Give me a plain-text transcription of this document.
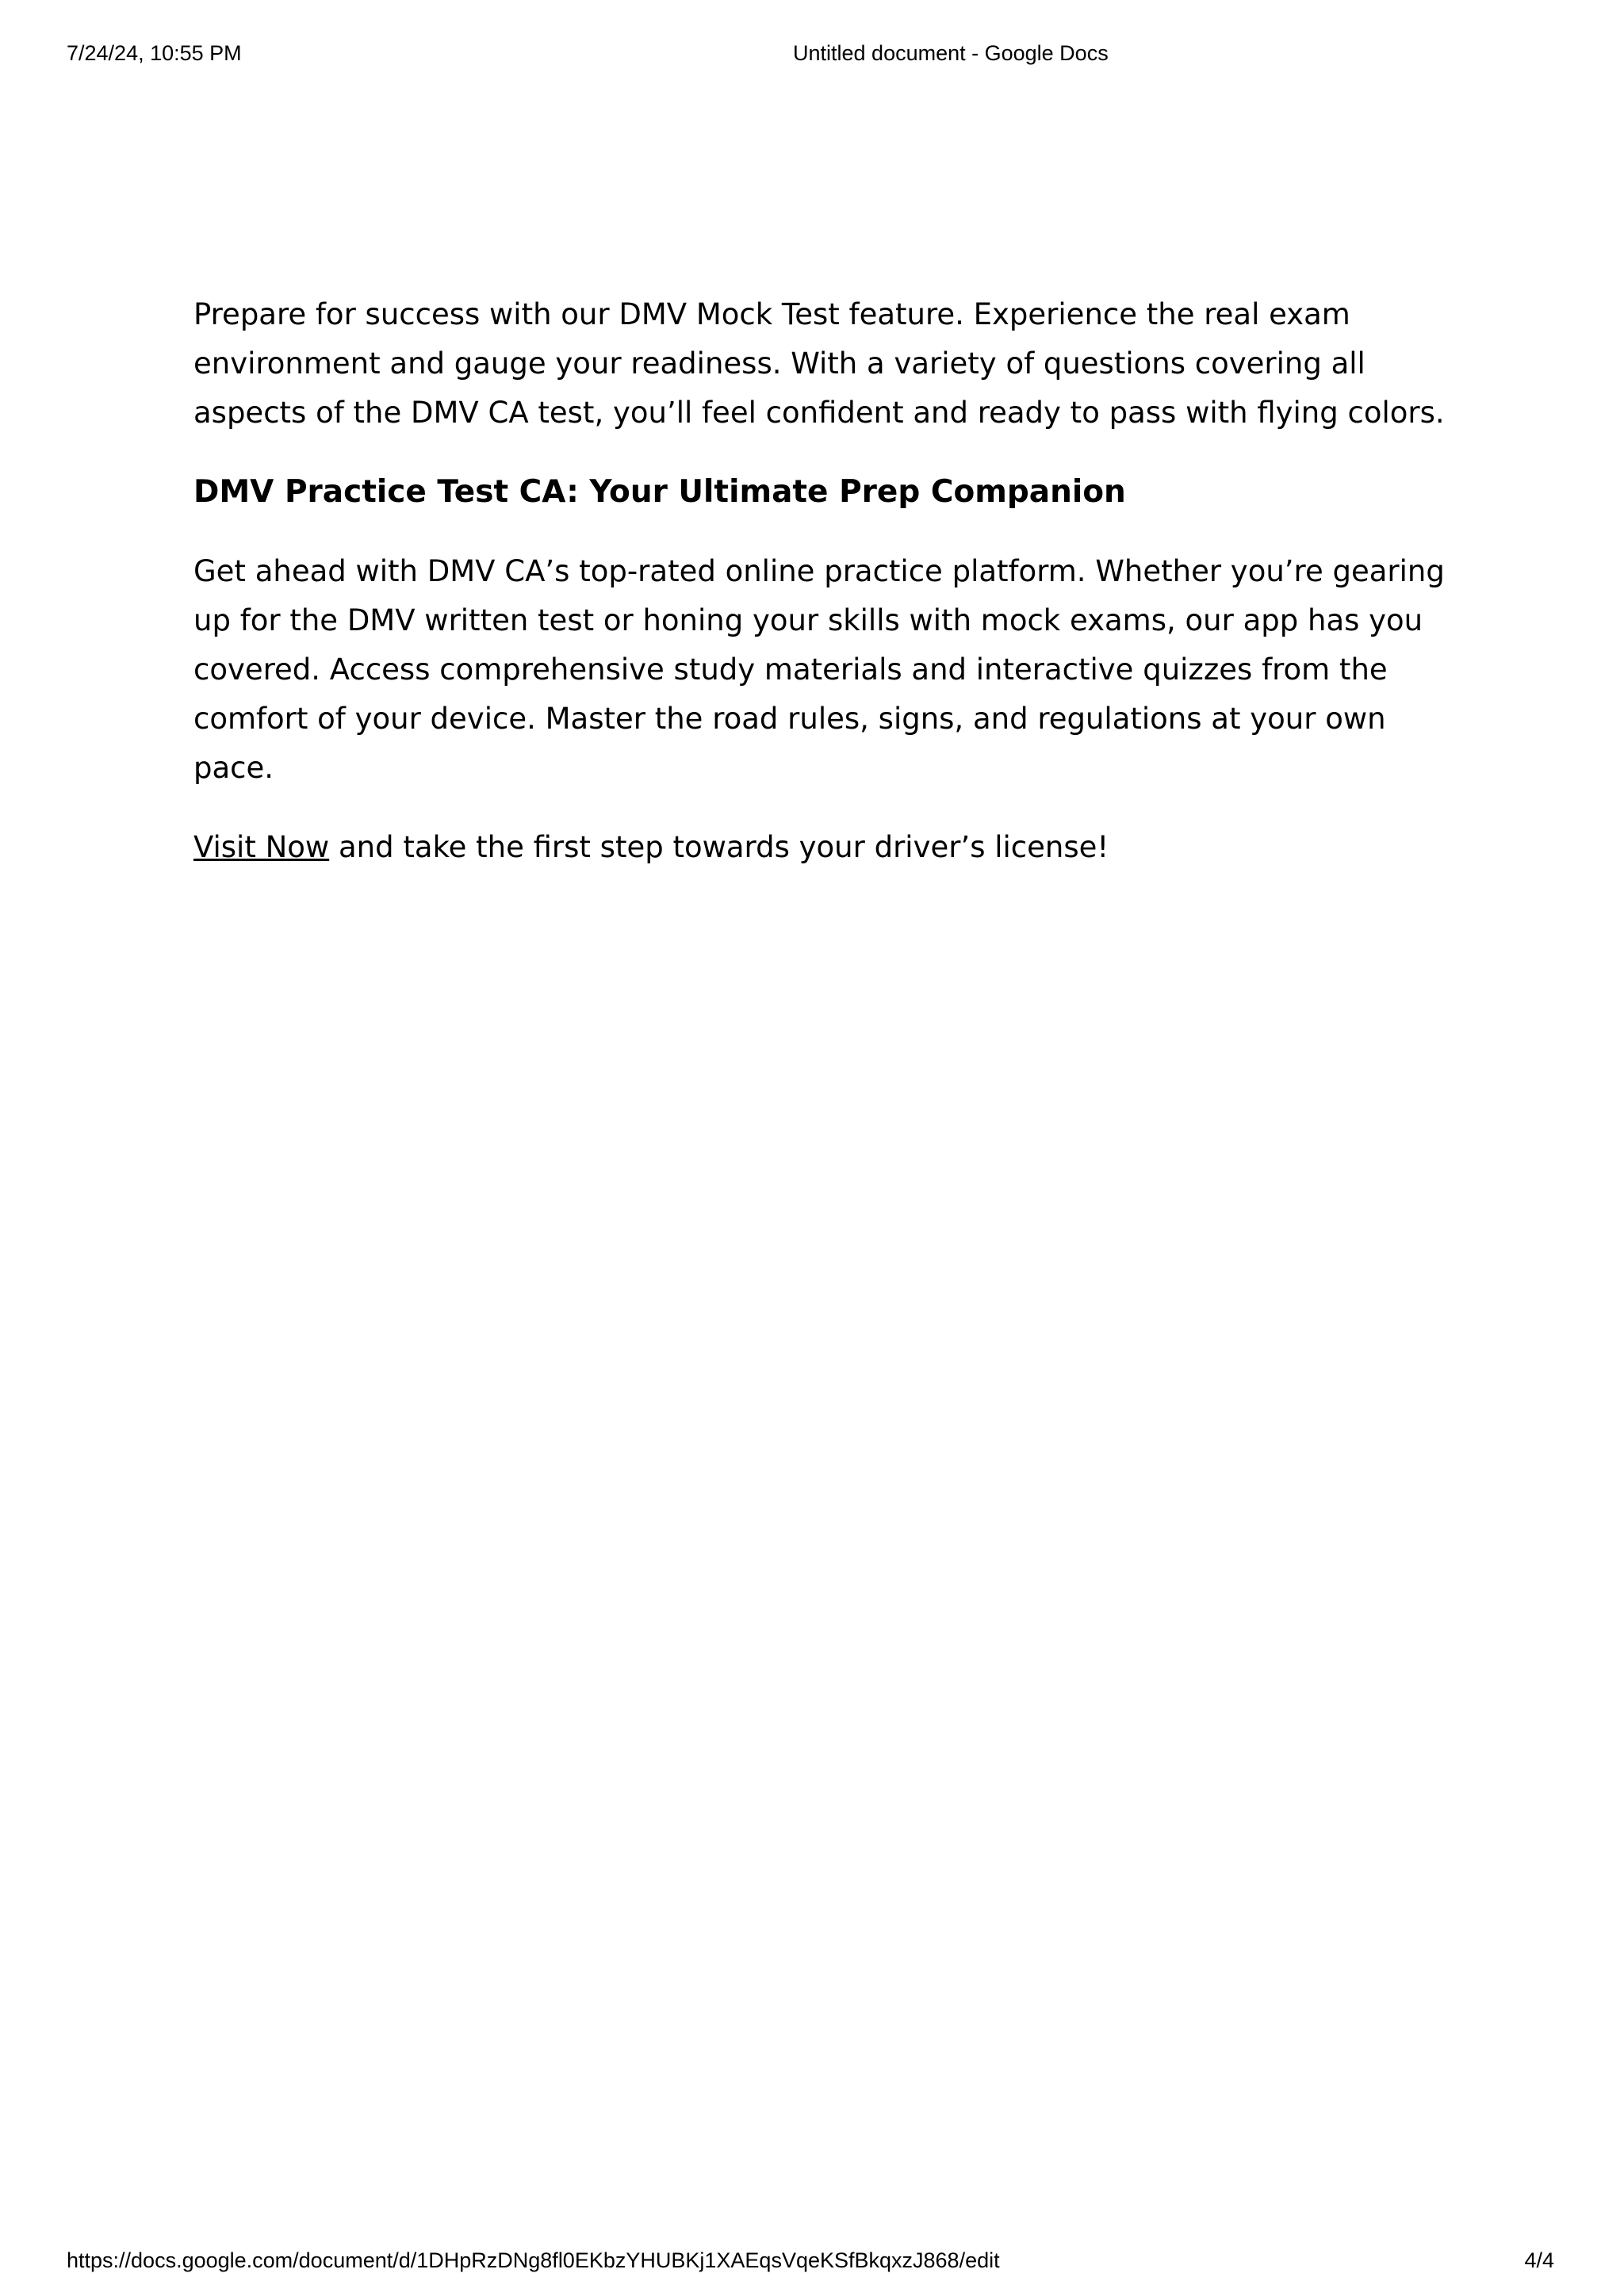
7/24/24, 10:55 PM	Untitled document - Google Docs

Prepare for success with our DMV Mock Test feature. Experience the real exam environment and gauge your readiness. With a variety of questions covering all aspects of the DMV CA test, you’ll feel confident and ready to pass with flying colors.

DMV Practice Test CA: Your Ultimate Prep Companion

Get ahead with DMV CA’s top-rated online practice platform. Whether you’re gearing up for the DMV written test or honing your skills with mock exams, our app has you covered. Access comprehensive study materials and interactive quizzes from the comfort of your device. Master the road rules, signs, and regulations at your own pace.

Visit Now and take the first step towards your driver’s license!

https://docs.google.com/document/d/1DHpRzDNg8fl0EKbzYHUBKj1XAEqsVqeKSfBkqxzJ868/edit	4/4
